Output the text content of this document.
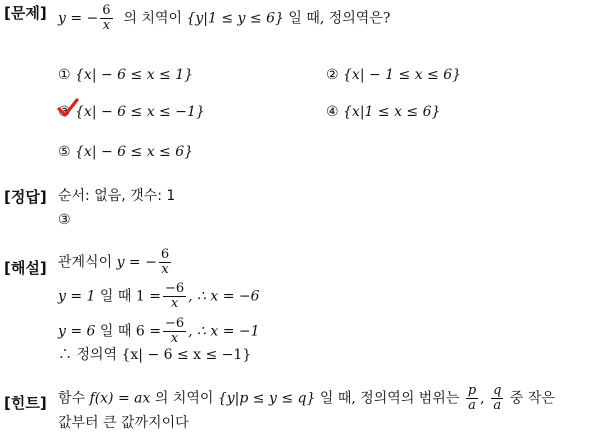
[문제] y = − $\frac{6}{x}$ 의 치역이 {y|1 ≤ y ≤ 6} 일 때, 정의역은?
① {x| − 6 ≤ x ≤ 1}	② {x| − 1 ≤ x ≤ 6}
③ {x| − 6 ≤ x ≤ −1}	④ {x|1 ≤ x ≤ 6}
⑤ {x| − 6 ≤ x ≤ 6}
[정답] 순서: 없음, 갯수: 1
③
[해설] 관계식이 y = − $\frac{6}{x}$
y = 1 일 때 $1 = \frac{-6}{x}$ , ∴ x = −6
y = 6 일 때 $6 = \frac{-6}{x}$ , ∴ x = −1
∴ 정의역 {x| − 6 ≤ x ≤ −1}
[힌트] 함수 f(x) = ax 의 치역이 {y|p ≤ y ≤ q} 일 때, 정의역의 범위는 $\frac{p}{a}$ , $\frac{q}{a}$ 중 작은
값부터 큰 값까지이다
